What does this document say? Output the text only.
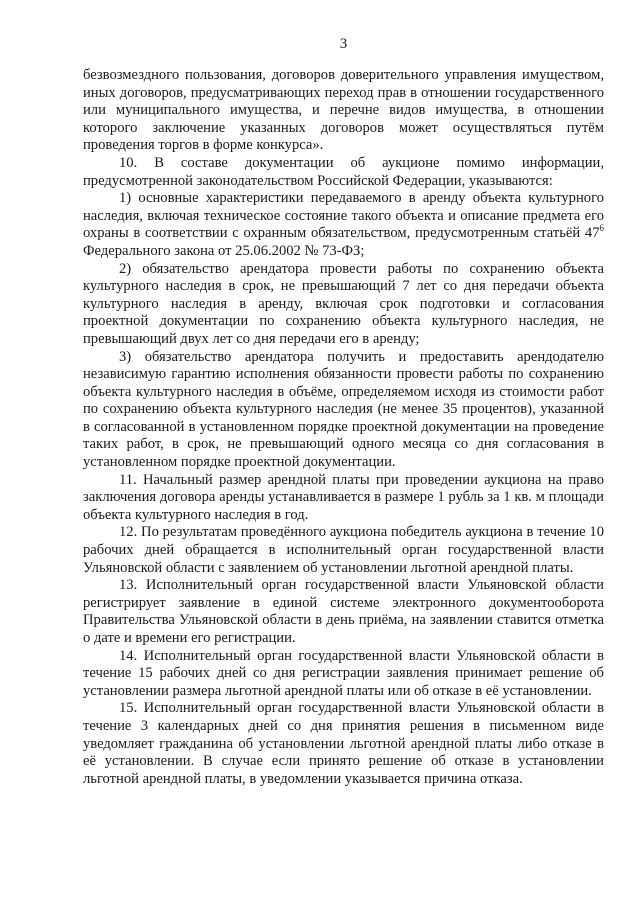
3

безвозмездного пользования, договоров доверительного управления имуществом, иных договоров, предусматривающих переход прав в отношении государственного или муниципального имущества, и перечне видов имущества, в отношении которого заключение указанных договоров может осуществляться путём проведения торгов в форме конкурса».

10. В составе документации об аукционе помимо информации, предусмотренной законодательством Российской Федерации, указываются:

1) основные характеристики передаваемого в аренду объекта культурного наследия, включая техническое состояние такого объекта и описание предмета его охраны в соответствии с охранным обязательством, предусмотренным статьёй $47^6$ Федерального закона от 25.06.2002 № 73-ФЗ;

2) обязательство арендатора провести работы по сохранению объекта культурного наследия в срок, не превышающий 7 лет со дня передачи объекта культурного наследия в аренду, включая срок подготовки и согласования проектной документации по сохранению объекта культурного наследия, не превышающий двух лет со дня передачи его в аренду;

3) обязательство арендатора получить и предоставить арендодателю независимую гарантию исполнения обязанности провести работы по сохранению объекта культурного наследия в объёме, определяемом исходя из стоимости работ по сохранению объекта культурного наследия (не менее 35 процентов), указанной в согласованной в установленном порядке проектной документации на проведение таких работ, в срок, не превышающий одного месяца со дня согласования в установленном порядке проектной документации.

11. Начальный размер арендной платы при проведении аукциона на право заключения договора аренды устанавливается в размере 1 рубль за 1 кв. м площади объекта культурного наследия в год.

12. По результатам проведённого аукциона победитель аукциона в течение 10 рабочих дней обращается в исполнительный орган государственной власти Ульяновской области с заявлением об установлении льготной арендной платы.

13. Исполнительный орган государственной власти Ульяновской области регистрирует заявление в единой системе электронного документооборота Правительства Ульяновской области в день приёма, на заявлении ставится отметка о дате и времени его регистрации.

14. Исполнительный орган государственной власти Ульяновской области в течение 15 рабочих дней со дня регистрации заявления принимает решение об установлении размера льготной арендной платы или об отказе в её установлении.

15. Исполнительный орган государственной власти Ульяновской области в течение 3 календарных дней со дня принятия решения в письменном виде уведомляет гражданина об установлении льготной арендной платы либо отказе в её установлении. В случае если принято решение об отказе в установлении льготной арендной платы, в уведомлении указывается причина отказа.
